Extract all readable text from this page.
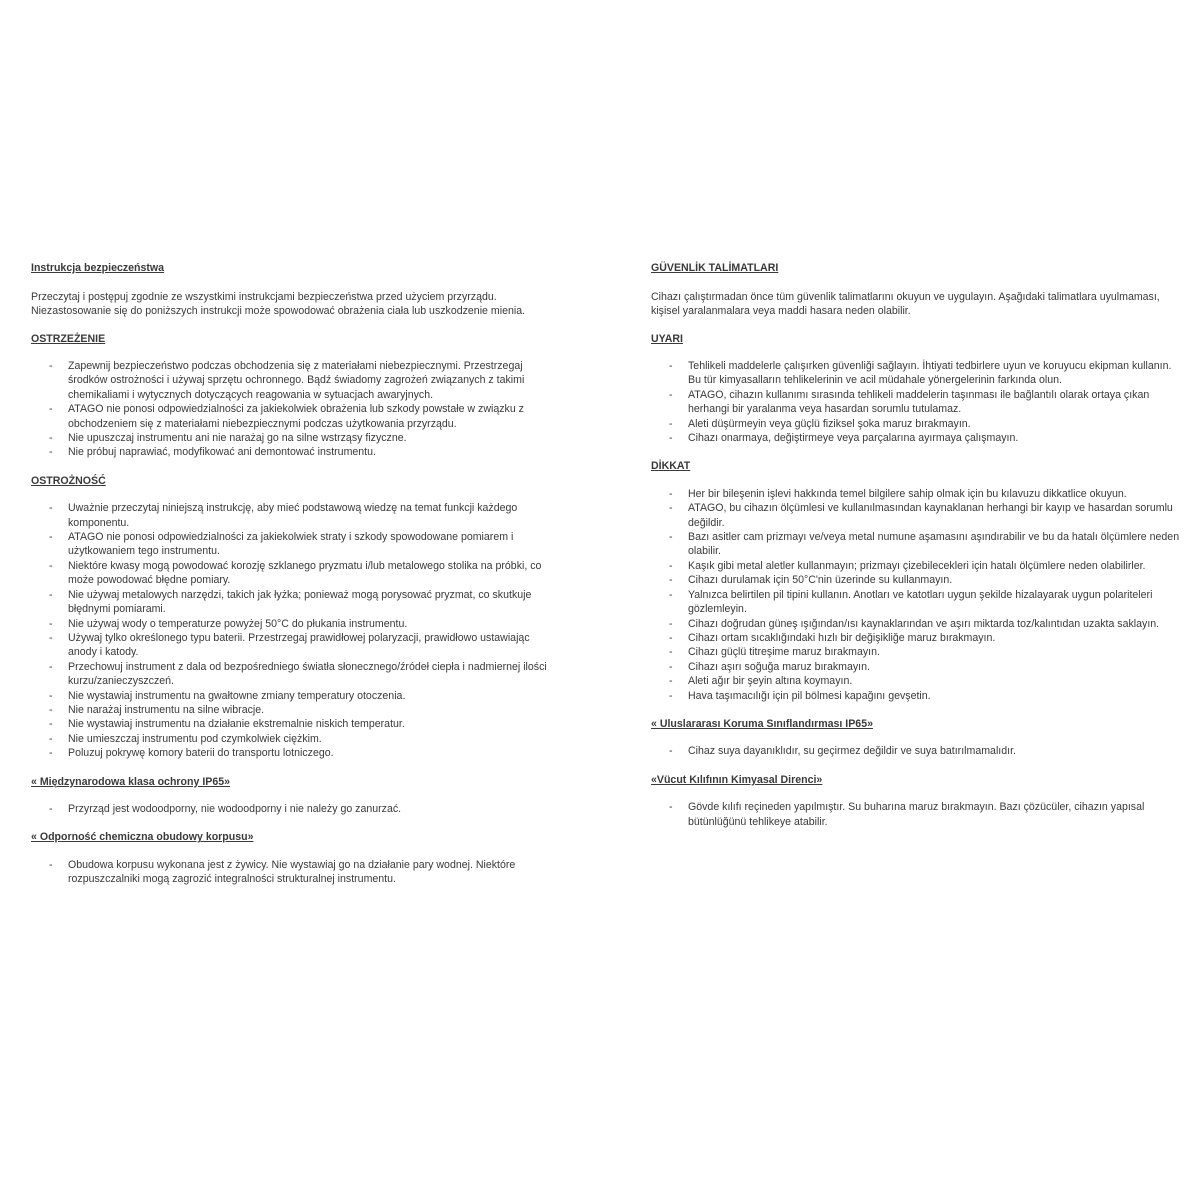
Instrukcja bezpieczeństwa

Przeczytaj i postępuj zgodnie ze wszystkimi instrukcjami bezpieczeństwa przed użyciem przyrządu. Niezastosowanie się do poniższych instrukcji może spowodować obrażenia ciała lub uszkodzenie mienia.

OSTRZEŻENIE
- Zapewnij bezpieczeństwo podczas obchodzenia się z materiałami niebezpiecznymi. Przestrzegaj środków ostrożności i używaj sprzętu ochronnego. Bądź świadomy zagrożeń związanych z takimi chemikaliami i wytycznych dotyczących reagowania w sytuacjach awaryjnych.
- ATAGO nie ponosi odpowiedzialności za jakiekolwiek obrażenia lub szkody powstałe w związku z obchodzeniem się z materiałami niebezpiecznymi podczas użytkowania przyrządu.
- Nie upuszczaj instrumentu ani nie narażaj go na silne wstrząsy fizyczne.
- Nie próbuj naprawiać, modyfikować ani demontować instrumentu.
OSTROŻNOŚĆ
- Uważnie przeczytaj niniejszą instrukcję, aby mieć podstawową wiedzę na temat funkcji każdego komponentu.
- ATAGO nie ponosi odpowiedzialności za jakiekolwiek straty i szkody spowodowane pomiarem i użytkowaniem tego instrumentu.
- Niektóre kwasy mogą powodować korozję szklanego pryzmatu i/lub metalowego stolika na próbki, co może powodować błędne pomiary.
- Nie używaj metalowych narzędzi, takich jak łyżka; ponieważ mogą porysować pryzmat, co skutkuje błędnymi pomiarami.
- Nie używaj wody o temperaturze powyżej 50°C do płukania instrumentu.
- Używaj tylko określonego typu baterii. Przestrzegaj prawidłowej polaryzacji, prawidłowo ustawiając anody i katody.
- Przechowuj instrument z dala od bezpośredniego światła słonecznego/źródeł ciepła i nadmiernej ilości kurzu/zanieczyszczeń.
- Nie wystawiaj instrumentu na gwałtowne zmiany temperatury otoczenia.
- Nie narażaj instrumentu na silne wibracje.
- Nie wystawiaj instrumentu na działanie ekstremalnie niskich temperatur.
- Nie umieszczaj instrumentu pod czymkolwiek ciężkim.
- Poluzuj pokrywę komory baterii do transportu lotniczego.
« Międzynarodowa klasa ochrony IP65»
- Przyrząd jest wodoodporny, nie wodoodporny i nie należy go zanurzać.
« Odporność chemiczna obudowy korpusu»
- Obudowa korpusu wykonana jest z żywicy. Nie wystawiaj go na działanie pary wodnej. Niektóre rozpuszczalniki mogą zagrozić integralności strukturalnej instrumentu.
GÜVENLİK TALİMATLARI

Cihazı çalıştırmadan önce tüm güvenlik talimatlarını okuyun ve uygulayın. Aşağıdaki talimatlara uyulmaması, kişisel yaralanmalara veya maddi hasara neden olabilir.

UYARI
- Tehlikeli maddelerle çalışırken güvenliği sağlayın. İhtiyati tedbirlere uyun ve koruyucu ekipman kullanın. Bu tür kimyasalların tehlikelerinin ve acil müdahale yönergelerinin farkında olun.
- ATAGO, cihazın kullanımı sırasında tehlikeli maddelerin taşınması ile bağlantılı olarak ortaya çıkan herhangi bir yaralanma veya hasardan sorumlu tutulamaz.
- Aleti düşürmeyin veya güçlü fiziksel şoka maruz bırakmayın.
- Cihazı onarmaya, değiştirmeye veya parçalarına ayırmaya çalışmayın.
DİKKAT
- Her bir bileşenin işlevi hakkında temel bilgilere sahip olmak için bu kılavuzu dikkatlice okuyun.
- ATAGO, bu cihazın ölçümlesi ve kullanılmasından kaynaklanan herhangi bir kayıp ve hasardan sorumlu değildir.
- Bazı asitler cam prizmayı ve/veya metal numune aşamasını aşındırabilir ve bu da hatalı ölçümlere neden olabilir.
- Kaşık gibi metal aletler kullanmayın; prizmayı çizebilecekleri için hatalı ölçümlere neden olabilirler.
- Cihazı durulamak için 50°C'nin üzerinde su kullanmayın.
- Yalnızca belirtilen pil tipini kullanın. Anotları ve katotları uygun şekilde hizalayarak uygun polariteleri gözlemleyin.
- Cihazı doğrudan güneş ışığından/ısı kaynaklarından ve aşırı miktarda toz/kalıntıdan uzakta saklayın.
- Cihazı ortam sıcaklığındaki hızlı bir değişikliğe maruz bırakmayın.
- Cihazı güçlü titreşime maruz bırakmayın.
- Cihazı aşırı soğuğa maruz bırakmayın.
- Aleti ağır bir şeyin altına koymayın.
- Hava taşımacılığı için pil bölmesi kapağını gevşetin.
« Uluslararası Koruma Sınıflandırması IP65»
- Cihaz suya dayanıklıdır, su geçirmez değildir ve suya batırılmamalıdır.
«Vücut Kılıfının Kimyasal Direnci»
- Gövde kılıfı reçineden yapılmıştır. Su buharına maruz bırakmayın. Bazı çözücüler, cihazın yapısal bütünlüğünü tehlikeye atabilir.
